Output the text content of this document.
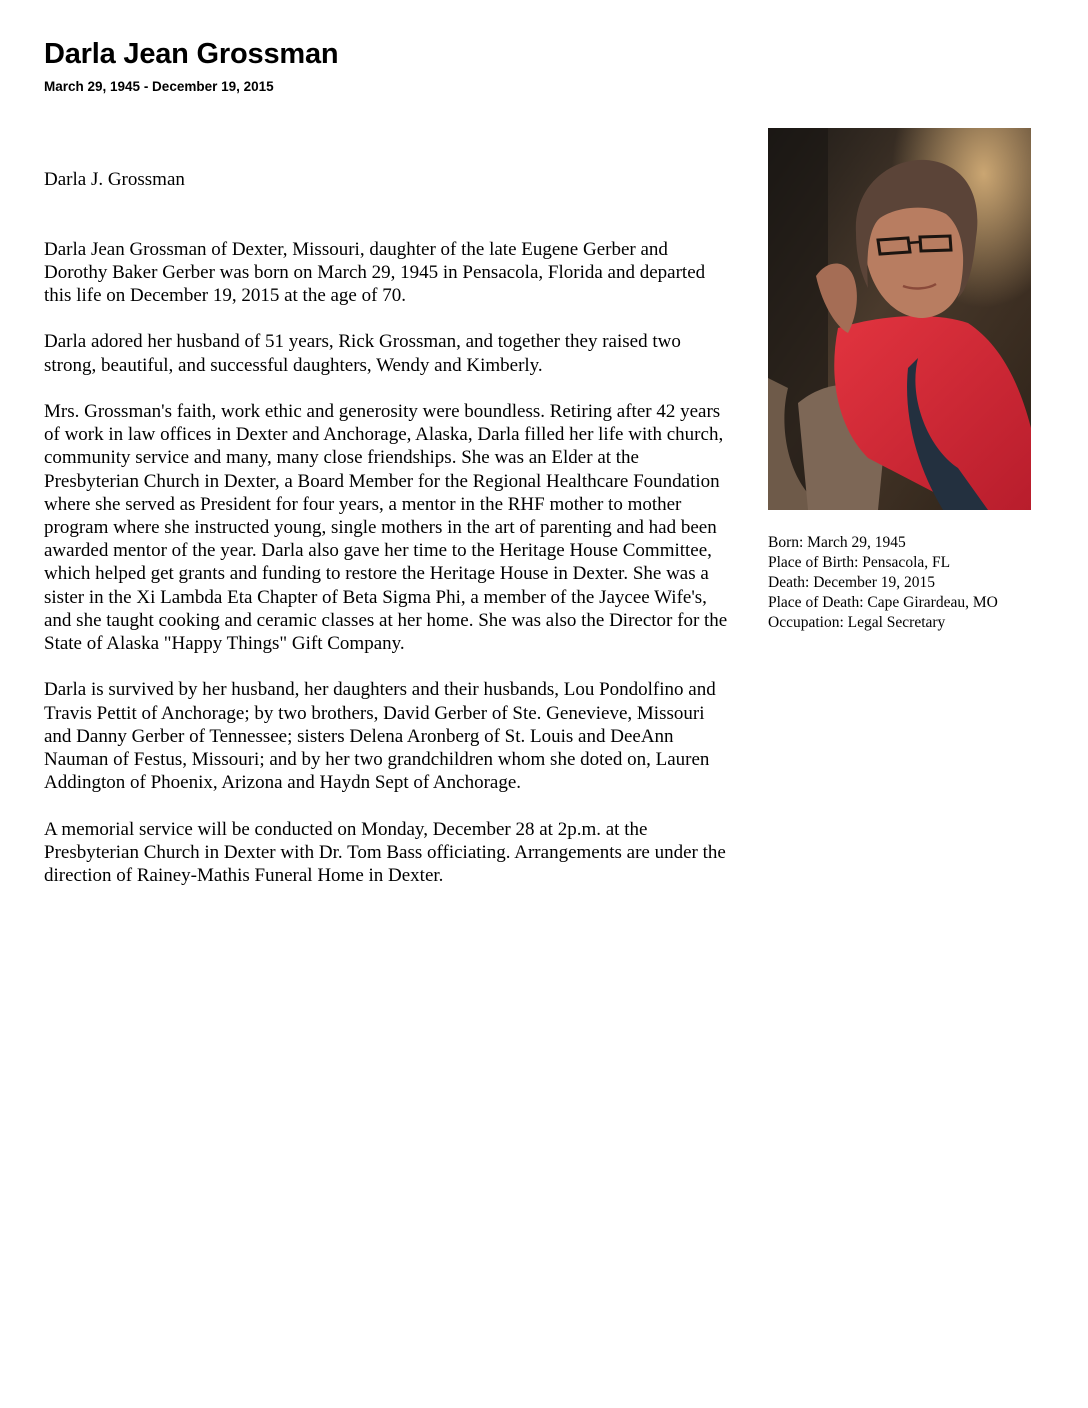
Darla Jean Grossman
March 29, 1945 - December 19, 2015

Darla J. Grossman

Darla Jean Grossman of Dexter, Missouri, daughter of the late Eugene Gerber and Dorothy Baker Gerber was born on March 29, 1945 in Pensacola, Florida and departed this life on December 19, 2015 at the age of 70.

Darla adored her husband of 51 years, Rick Grossman, and together they raised two strong, beautiful, and successful daughters, Wendy and Kimberly.

Mrs. Grossman's faith, work ethic and generosity were boundless. Retiring after 42 years of work in law offices in Dexter and Anchorage, Alaska, Darla filled her life with church, community service and many, many close friendships. She was an Elder at the Presbyterian Church in Dexter, a Board Member for the Regional Healthcare Foundation where she served as President for four years, a mentor in the RHF mother to mother program where she instructed young, single mothers in the art of parenting and had been awarded mentor of the year. Darla also gave her time to the Heritage House Committee, which helped get grants and funding to restore the Heritage House in Dexter. She was a sister in the Xi Lambda Eta Chapter of Beta Sigma Phi, a member of the Jaycee Wife's, and she taught cooking and ceramic classes at her home. She was also the Director for the State of Alaska "Happy Things" Gift Company.

Darla is survived by her husband, her daughters and their husbands, Lou Pondolfino and Travis Pettit of Anchorage; by two brothers, David Gerber of Ste. Genevieve, Missouri and Danny Gerber of Tennessee; sisters Delena Aronberg of St. Louis and DeeAnn Nauman of Festus, Missouri; and by her two grandchildren whom she doted on, Lauren Addington of Phoenix, Arizona and Haydn Sept of Anchorage.

A memorial service will be conducted on Monday, December 28 at 2p.m. at the Presbyterian Church in Dexter with Dr. Tom Bass officiating. Arrangements are under the direction of Rainey-Mathis Funeral Home in Dexter.

Born: March 29, 1945
Place of Birth: Pensacola, FL
Death: December 19, 2015
Place of Death: Cape Girardeau, MO
Occupation: Legal Secretary
